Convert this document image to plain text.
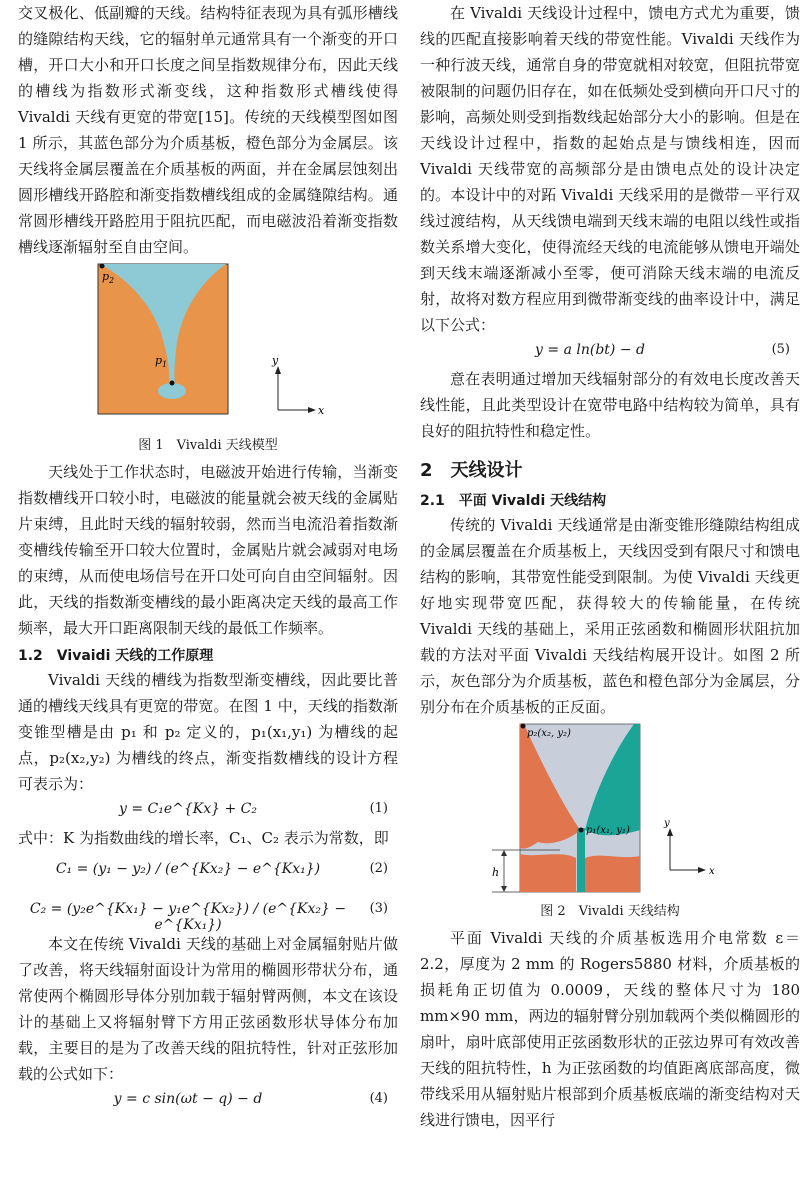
交叉极化、低副瓣的天线。结构特征表现为具有弧形槽线的缝隙结构天线，它的辐射单元通常具有一个渐变的开口槽，开口大小和开口长度之间呈指数规律分布，因此天线的槽线为指数形式渐变线，这种指数形式槽线使得 Vivaldi 天线有更宽的带宽[15]。传统的天线模型图如图 1 所示，其蓝色部分为介质基板，橙色部分为金属层。该天线将金属层覆盖在介质基板的两面，并在金属层蚀刻出圆形槽线开路腔和渐变指数槽线组成的金属缝隙结构。通常圆形槽线开路腔用于阻抗匹配，而电磁波沿着渐变指数槽线逐渐辐射至自由空间。

$p_1$
$p_2$
y
x
图 1　Vivaldi 天线模型

天线处于工作状态时，电磁波开始进行传输，当渐变指数槽线开口较小时，电磁波的能量就会被天线的金属贴片束缚，且此时天线的辐射较弱，然而当电流沿着指数渐变槽线传输至开口较大位置时，金属贴片就会减弱对电场的束缚，从而使电场信号在开口处可向自由空间辐射。因此，天线的指数渐变槽线的最小距离决定天线的最高工作频率，最大开口距离限制天线的最低工作频率。

1.2　Vivaidi 天线的工作原理

Vivaldi 天线的槽线为指数型渐变槽线，因此要比普通的槽线天线具有更宽的带宽。在图 1 中，天线的指数渐变锥型槽是由 p₁ 和 p₂ 定义的，p₁(x₁,y₁) 为槽线的起点，p₂(x₂,y₂) 为槽线的终点，渐变指数槽线的设计方程可表示为：

y = C₁e^{Kx} + C₂	(1)

式中：K 为指数曲线的增长率，C₁、C₂ 表示为常数，即

C₁ = (y₁ − y₂) / (e^{Kx₂} − e^{Kx₁})	(2)
C₂ = (y₂e^{Kx₁} − y₁e^{Kx₂}) / (e^{Kx₂} − e^{Kx₁})
(3)

本文在传统 Vivaldi 天线的基础上对金属辐射贴片做了改善，将天线辐射面设计为常用的椭圆形带状分布，通常使两个椭圆形导体分别加载于辐射臂两侧，本文在该设计的基础上又将辐射臂下方用正弦函数形状导体分布加载，主要目的是为了改善天线的阻抗特性，针对正弦形加载的公式如下：

y = c sin(ωt − q) − d	(4)

在 Vivaldi 天线设计过程中，馈电方式尤为重要，馈线的匹配直接影响着天线的带宽性能。Vivaldi 天线作为一种行波天线，通常自身的带宽就相对较宽，但阻抗带宽被限制的问题仍旧存在，如在低频处受到横向开口尺寸的影响，高频处则受到指数线起始部分大小的影响。但是在天线设计过程中，指数的起始点是与馈线相连，因而 Vivaldi 天线带宽的高频部分是由馈电点处的设计决定的。本设计中的对跖 Vivaldi 天线采用的是微带－平行双线过渡结构，从天线馈电端到天线末端的电阻以线性或指数关系增大变化，使得流经天线的电流能够从馈电开端处到天线末端逐渐减小至零，便可消除天线末端的电流反射，故将对数方程应用到微带渐变线的曲率设计中，满足以下公式：

y = a ln(bt) − d	(5)

意在表明通过增加天线辐射部分的有效电长度改善天线性能，且此类型设计在宽带电路中结构较为简单，具有良好的阻抗特性和稳定性。

2　天线设计
2.1　平面 Vivaldi 天线结构

传统的 Vivaldi 天线通常是由渐变锥形缝隙结构组成的金属层覆盖在介质基板上，天线因受到有限尺寸和馈电结构的影响，其带宽性能受到限制。为使 Vivaldi 天线更好地实现带宽匹配，获得较大的传输能量，在传统 Vivaldi 天线的基础上，采用正弦函数和椭圆形状阻抗加载的方法对平面 Vivaldi 天线结构展开设计。如图 2 所示，灰色部分为介质基板，蓝色和橙色部分为金属层，分别分布在介质基板的正反面。

p₂(x₂, y₂)
p₁(x₁, y₁)
h
y
x
图 2　Vivaldi 天线结构

平面 Vivaldi 天线的介质基板选用介电常数 ε＝2.2，厚度为 2 mm 的 Rogers5880 材料，介质基板的损耗角正切值为 0.0009，天线的整体尺寸为 180 mm×90 mm，两边的辐射臂分别加载两个类似椭圆形的扇叶，扇叶底部使用正弦函数形状的正弦边界可有效改善天线的阻抗特性，h 为正弦函数的均值距离底部高度，微带线采用从辐射贴片根部到介质基板底端的渐变结构对天线进行馈电，因平行
